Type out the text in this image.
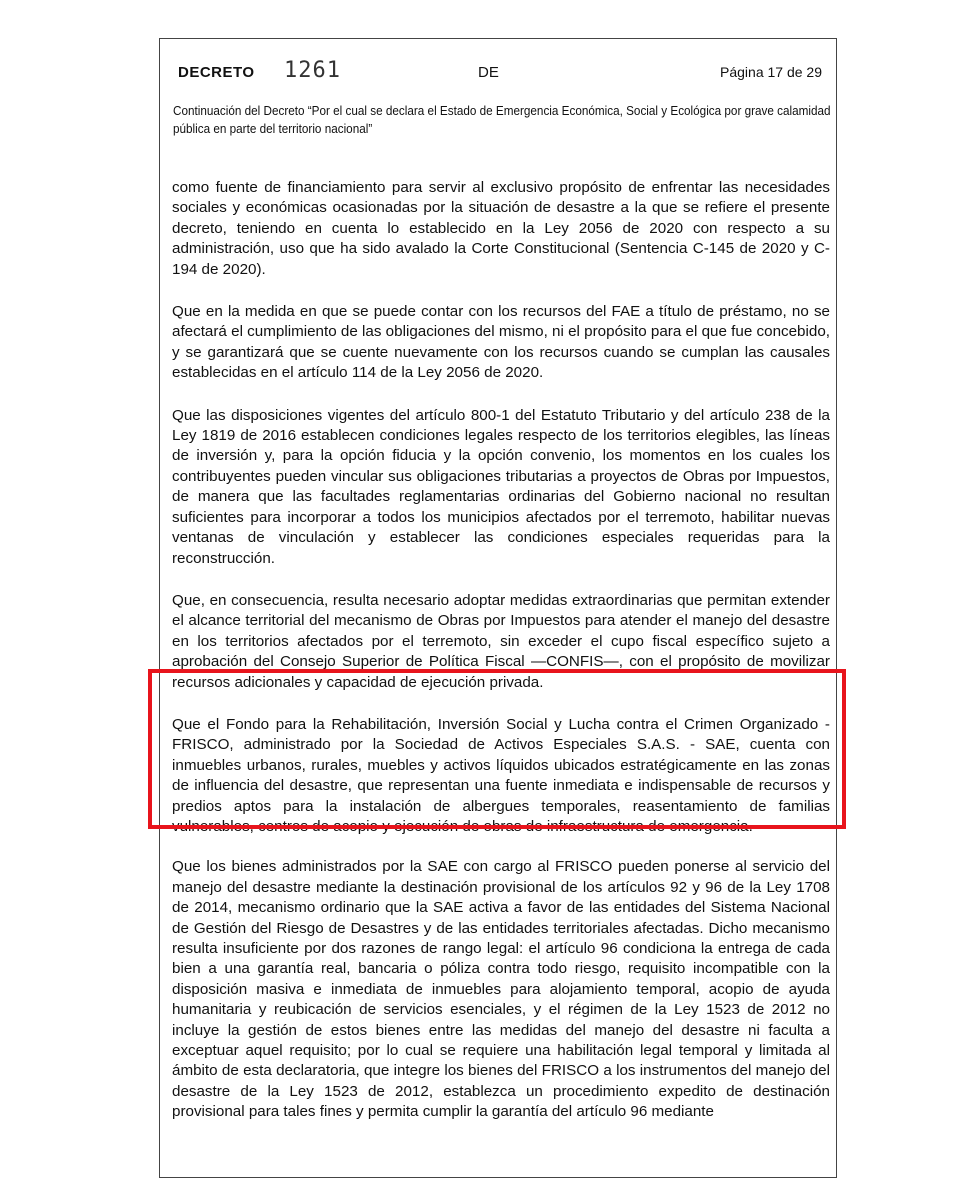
DECRETO 1261	DE	Página 17 de 29
Continuación del Decreto “Por el cual se declara el Estado de Emergencia Económica, Social y Ecológica por grave calamidad pública en parte del territorio nacional”

como fuente de financiamiento para servir al exclusivo propósito de enfrentar las necesidades sociales y económicas ocasionadas por la situación de desastre a la que se refiere el presente decreto, teniendo en cuenta lo establecido en la Ley 2056 de 2020 con respecto a su administración, uso que ha sido avalado la Corte Constitucional (Sentencia C-145 de 2020 y C-194 de 2020).

Que en la medida en que se puede contar con los recursos del FAE a título de préstamo, no se afectará el cumplimiento de las obligaciones del mismo, ni el propósito para el que fue concebido, y se garantizará que se cuente nuevamente con los recursos cuando se cumplan las causales establecidas en el artículo 114 de la Ley 2056 de 2020.

Que las disposiciones vigentes del artículo 800-1 del Estatuto Tributario y del artículo 238 de la Ley 1819 de 2016 establecen condiciones legales respecto de los territorios elegibles, las líneas de inversión y, para la opción fiducia y la opción convenio, los momentos en los cuales los contribuyentes pueden vincular sus obligaciones tributarias a proyectos de Obras por Impuestos, de manera que las facultades reglamentarias ordinarias del Gobierno nacional no resultan suficientes para incorporar a todos los municipios afectados por el terremoto, habilitar nuevas ventanas de vinculación y establecer las condiciones especiales requeridas para la reconstrucción.

Que, en consecuencia, resulta necesario adoptar medidas extraordinarias que permitan extender el alcance territorial del mecanismo de Obras por Impuestos para atender el manejo del desastre en los territorios afectados por el terremoto, sin exceder el cupo fiscal específico sujeto a aprobación del Consejo Superior de Política Fiscal —CONFIS—, con el propósito de movilizar recursos adicionales y capacidad de ejecución privada.

Que el Fondo para la Rehabilitación, Inversión Social y Lucha contra el Crimen Organizado - FRISCO, administrado por la Sociedad de Activos Especiales S.A.S. - SAE, cuenta con inmuebles urbanos, rurales, muebles y activos líquidos ubicados estratégicamente en las zonas de influencia del desastre, que representan una fuente inmediata e indispensable de recursos y predios aptos para la instalación de albergues temporales, reasentamiento de familias vulnerables, centros de acopio y ejecución de obras de infraestructura de emergencia.

Que los bienes administrados por la SAE con cargo al FRISCO pueden ponerse al servicio del manejo del desastre mediante la destinación provisional de los artículos 92 y 96 de la Ley 1708 de 2014, mecanismo ordinario que la SAE activa a favor de las entidades del Sistema Nacional de Gestión del Riesgo de Desastres y de las entidades territoriales afectadas. Dicho mecanismo resulta insuficiente por dos razones de rango legal: el artículo 96 condiciona la entrega de cada bien a una garantía real, bancaria o póliza contra todo riesgo, requisito incompatible con la disposición masiva e inmediata de inmuebles para alojamiento temporal, acopio de ayuda humanitaria y reubicación de servicios esenciales, y el régimen de la Ley 1523 de 2012 no incluye la gestión de estos bienes entre las medidas del manejo del desastre ni faculta a exceptuar aquel requisito; por lo cual se requiere una habilitación legal temporal y limitada al ámbito de esta declaratoria, que integre los bienes del FRISCO a los instrumentos del manejo del desastre de la Ley 1523 de 2012, establezca un procedimiento expedito de destinación provisional para tales fines y permita cumplir la garantía del artículo 96 mediante
